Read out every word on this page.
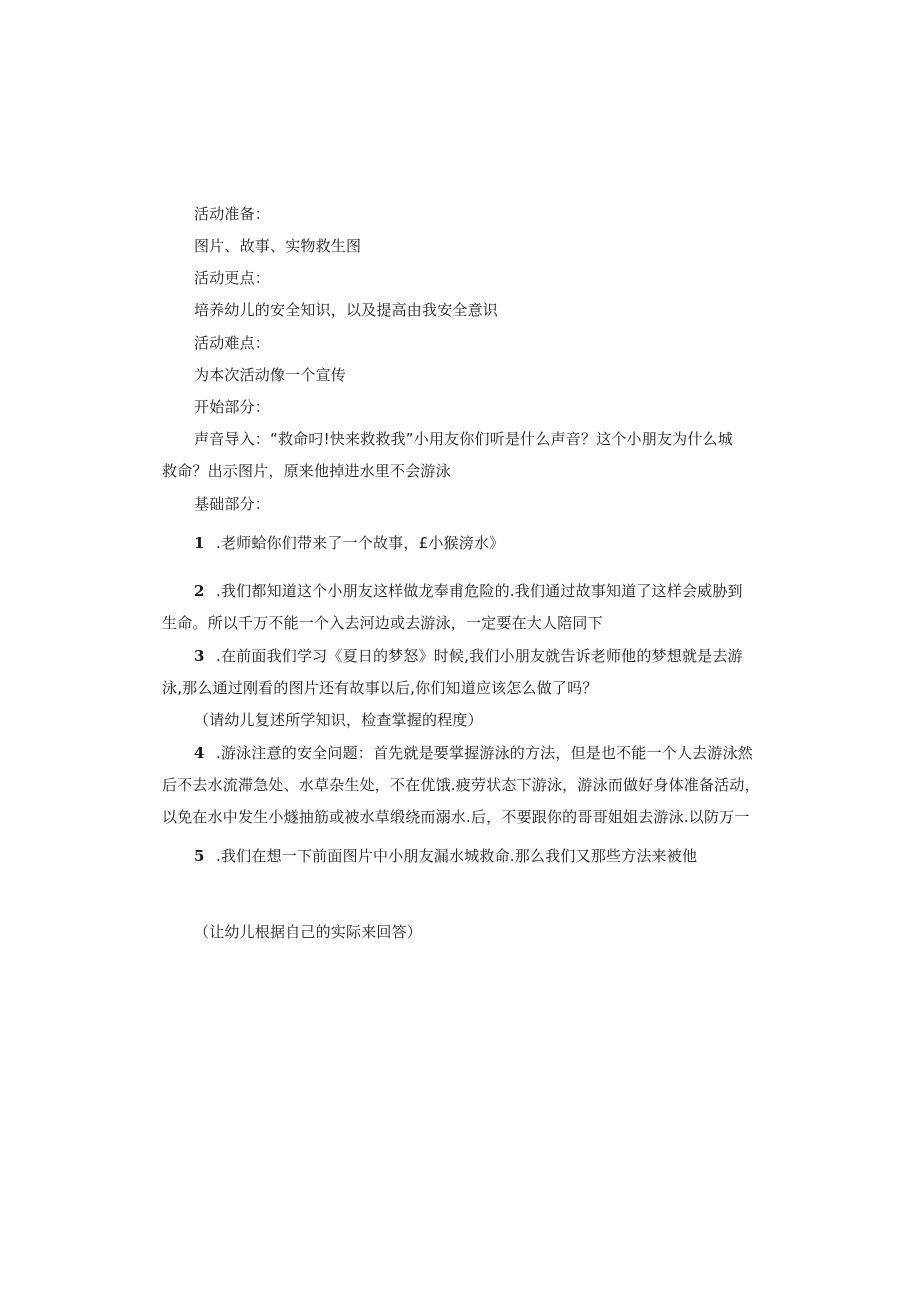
活动准备：
图片、故事、实物救生图
活动更点：
培养幼儿的安全知识，以及提高由我安全意识
活动难点：
为本次活动像一个宣传
开始部分：
声音导入：“救命叼!快来救救我”小用友你们听是什么声音？这个小朋友为什么城
救命？出示图片，原来他掉进水里不会游泳
基础部分：
1 .老师蛤你们带来了一个故事，£小猴滂水》
2 .我们都知道这个小朋友这样做龙奉甫危险的.我们通过故事知道了这样会威胁到
生命。所以千万不能一个入去河边或去游泳，一定要在大人陪同下
3 .在前面我们学习《夏日的梦怒》时候,我们小朋友就告诉老师他的梦想就是去游
泳,那么通过刚看的图片还有故事以后,你们知道应该怎么做了吗？
（请幼儿复述所学知识，检查掌握的程度）
4 .游泳注意的安全问题：首先就是要掌握游泳的方法，但是也不能一个人去游泳然
后不去水流滞急处、水草杂生处，不在优饿.疲劳状态下游泳，游泳而做好身体准备活动，
以免在水中发生小燧抽筋或被水草缎绕而溺水.后，不要跟你的哥哥姐姐去游泳.以防万一
5 .我们在想一下前面图片中小朋友漏水城救命.那么我们又那些方法来被他
（让幼儿根据自己的实际来回答）
